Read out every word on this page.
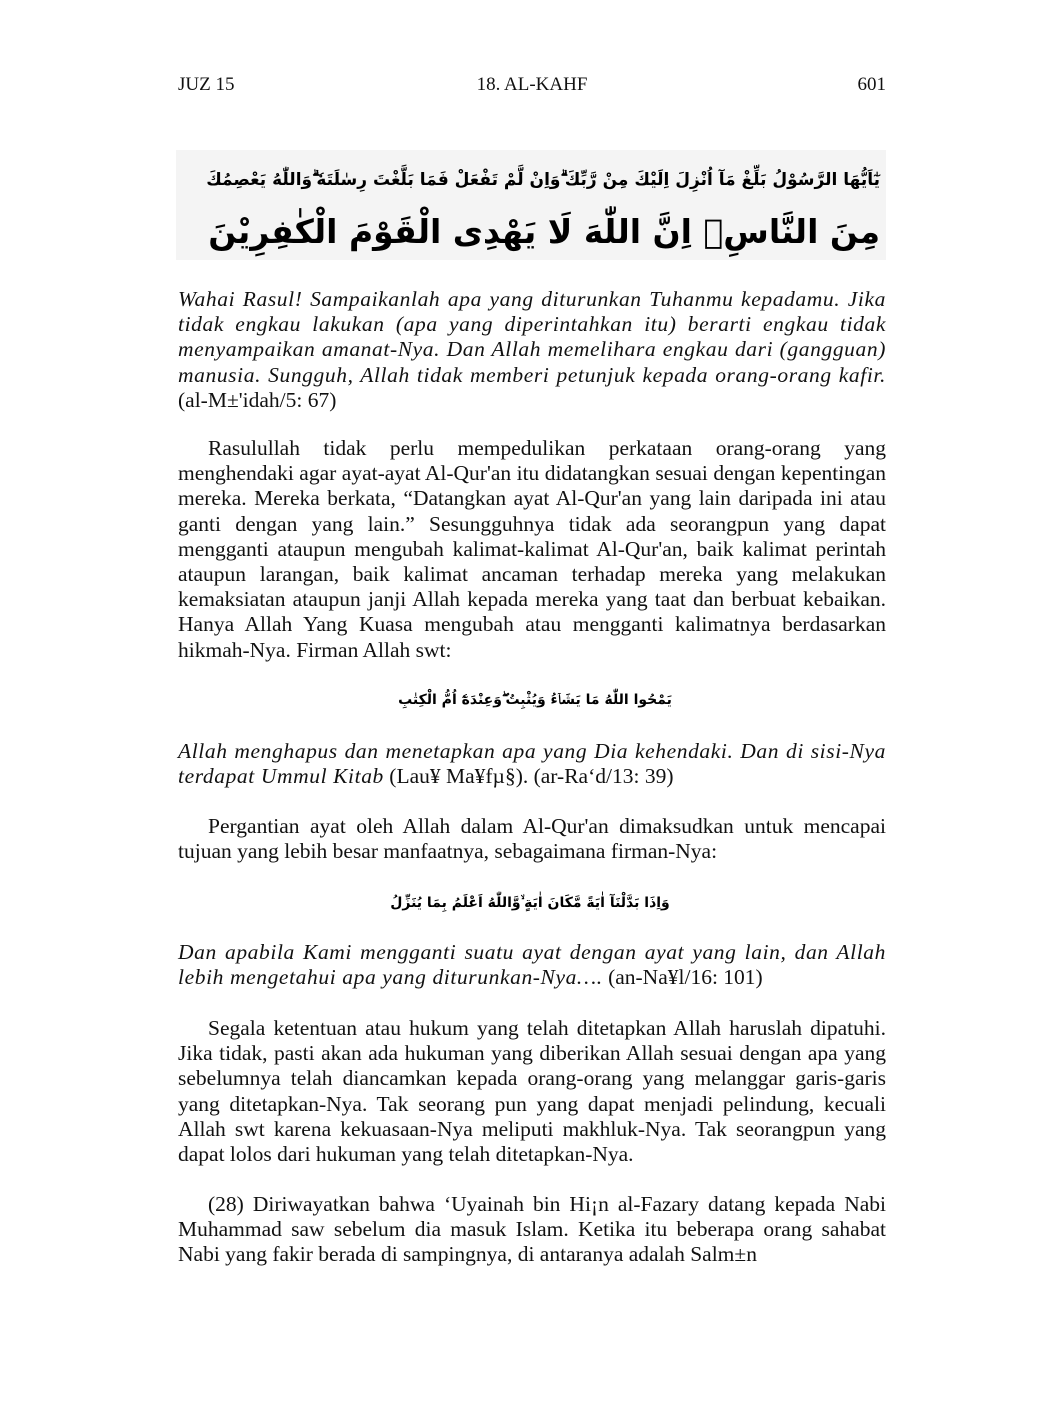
JUZ 15	18. AL-KAHF	601
يٰٓاَيُّهَا الرَّسُوْلُ بَلِّغْ مَآ اُنْزِلَ اِلَيْكَ مِنْ رَّبِّكَ ۗوَاِنْ لَّمْ تَفْعَلْ فَمَا بَلَّغْتَ رِسٰلَتَهٗ ۗوَاللّٰهُ يَعْصِمُكَ
مِنَ النَّاسِۗ اِنَّ اللّٰهَ لَا يَهْدِى الْقَوْمَ الْكٰفِرِيْنَ

Wahai Rasul! Sampaikanlah apa yang diturunkan Tuhanmu kepadamu. Jika tidak engkau lakukan (apa yang diperintahkan itu) berarti engkau tidak menyampaikan amanat-Nya. Dan Allah memelihara engkau dari (gangguan) manusia. Sungguh, Allah tidak memberi petunjuk kepada orang-orang kafir. (al-M±'idah/5: 67)

Rasulullah tidak perlu mempedulikan perkataan orang-orang yang menghendaki agar ayat-ayat Al-Qur'an itu didatangkan sesuai dengan kepentingan mereka. Mereka berkata, “Datangkan ayat Al-Qur'an yang lain daripada ini atau ganti dengan yang lain.” Sesungguhnya tidak ada seorangpun yang dapat mengganti ataupun mengubah kalimat-kalimat Al-Qur'an, baik kalimat perintah ataupun larangan, baik kalimat ancaman terhadap mereka yang melakukan kemaksiatan ataupun janji Allah kepada mereka yang taat dan berbuat kebaikan. Hanya Allah Yang Kuasa mengubah atau mengganti kalimatnya berdasarkan hikmah-Nya. Firman Allah swt:

يَمْحُوا اللّٰهُ مَا يَشَاۤءُ وَيُثْبِتُ ۖوَعِنْدَهٗٓ اُمُّ الْكِتٰبِ

Allah menghapus dan menetapkan apa yang Dia kehendaki. Dan di sisi-Nya terdapat Ummul Kitab (Lau¥ Ma¥fµ§). (ar-Ra‘d/13: 39)

Pergantian ayat oleh Allah dalam Al-Qur'an dimaksudkan untuk mencapai tujuan yang lebih besar manfaatnya, sebagaimana firman-Nya:

وَاِذَا بَدَّلْنَآ اٰيَةً مَّكَانَ اٰيَةٍ ۙوَّاللّٰهُ اَعْلَمُ بِمَا يُنَزِّلُ

Dan apabila Kami mengganti suatu ayat dengan ayat yang lain, dan Allah lebih mengetahui apa yang diturunkan-Nya…. (an-Na¥l/16: 101)

Segala ketentuan atau hukum yang telah ditetapkan Allah haruslah dipatuhi. Jika tidak, pasti akan ada hukuman yang diberikan Allah sesuai dengan apa yang sebelumnya telah diancamkan kepada orang-orang yang melanggar garis-garis yang ditetapkan-Nya. Tak seorang pun yang dapat menjadi pelindung, kecuali Allah swt karena kekuasaan-Nya meliputi makhluk-Nya. Tak seorangpun yang dapat lolos dari hukuman yang telah ditetapkan-Nya.

(28) Diriwayatkan bahwa ‘Uyainah bin Hi¡n al-Fazary datang kepada Nabi Muhammad saw sebelum dia masuk Islam. Ketika itu beberapa orang sahabat Nabi yang fakir berada di sampingnya, di antaranya adalah Salm±n
